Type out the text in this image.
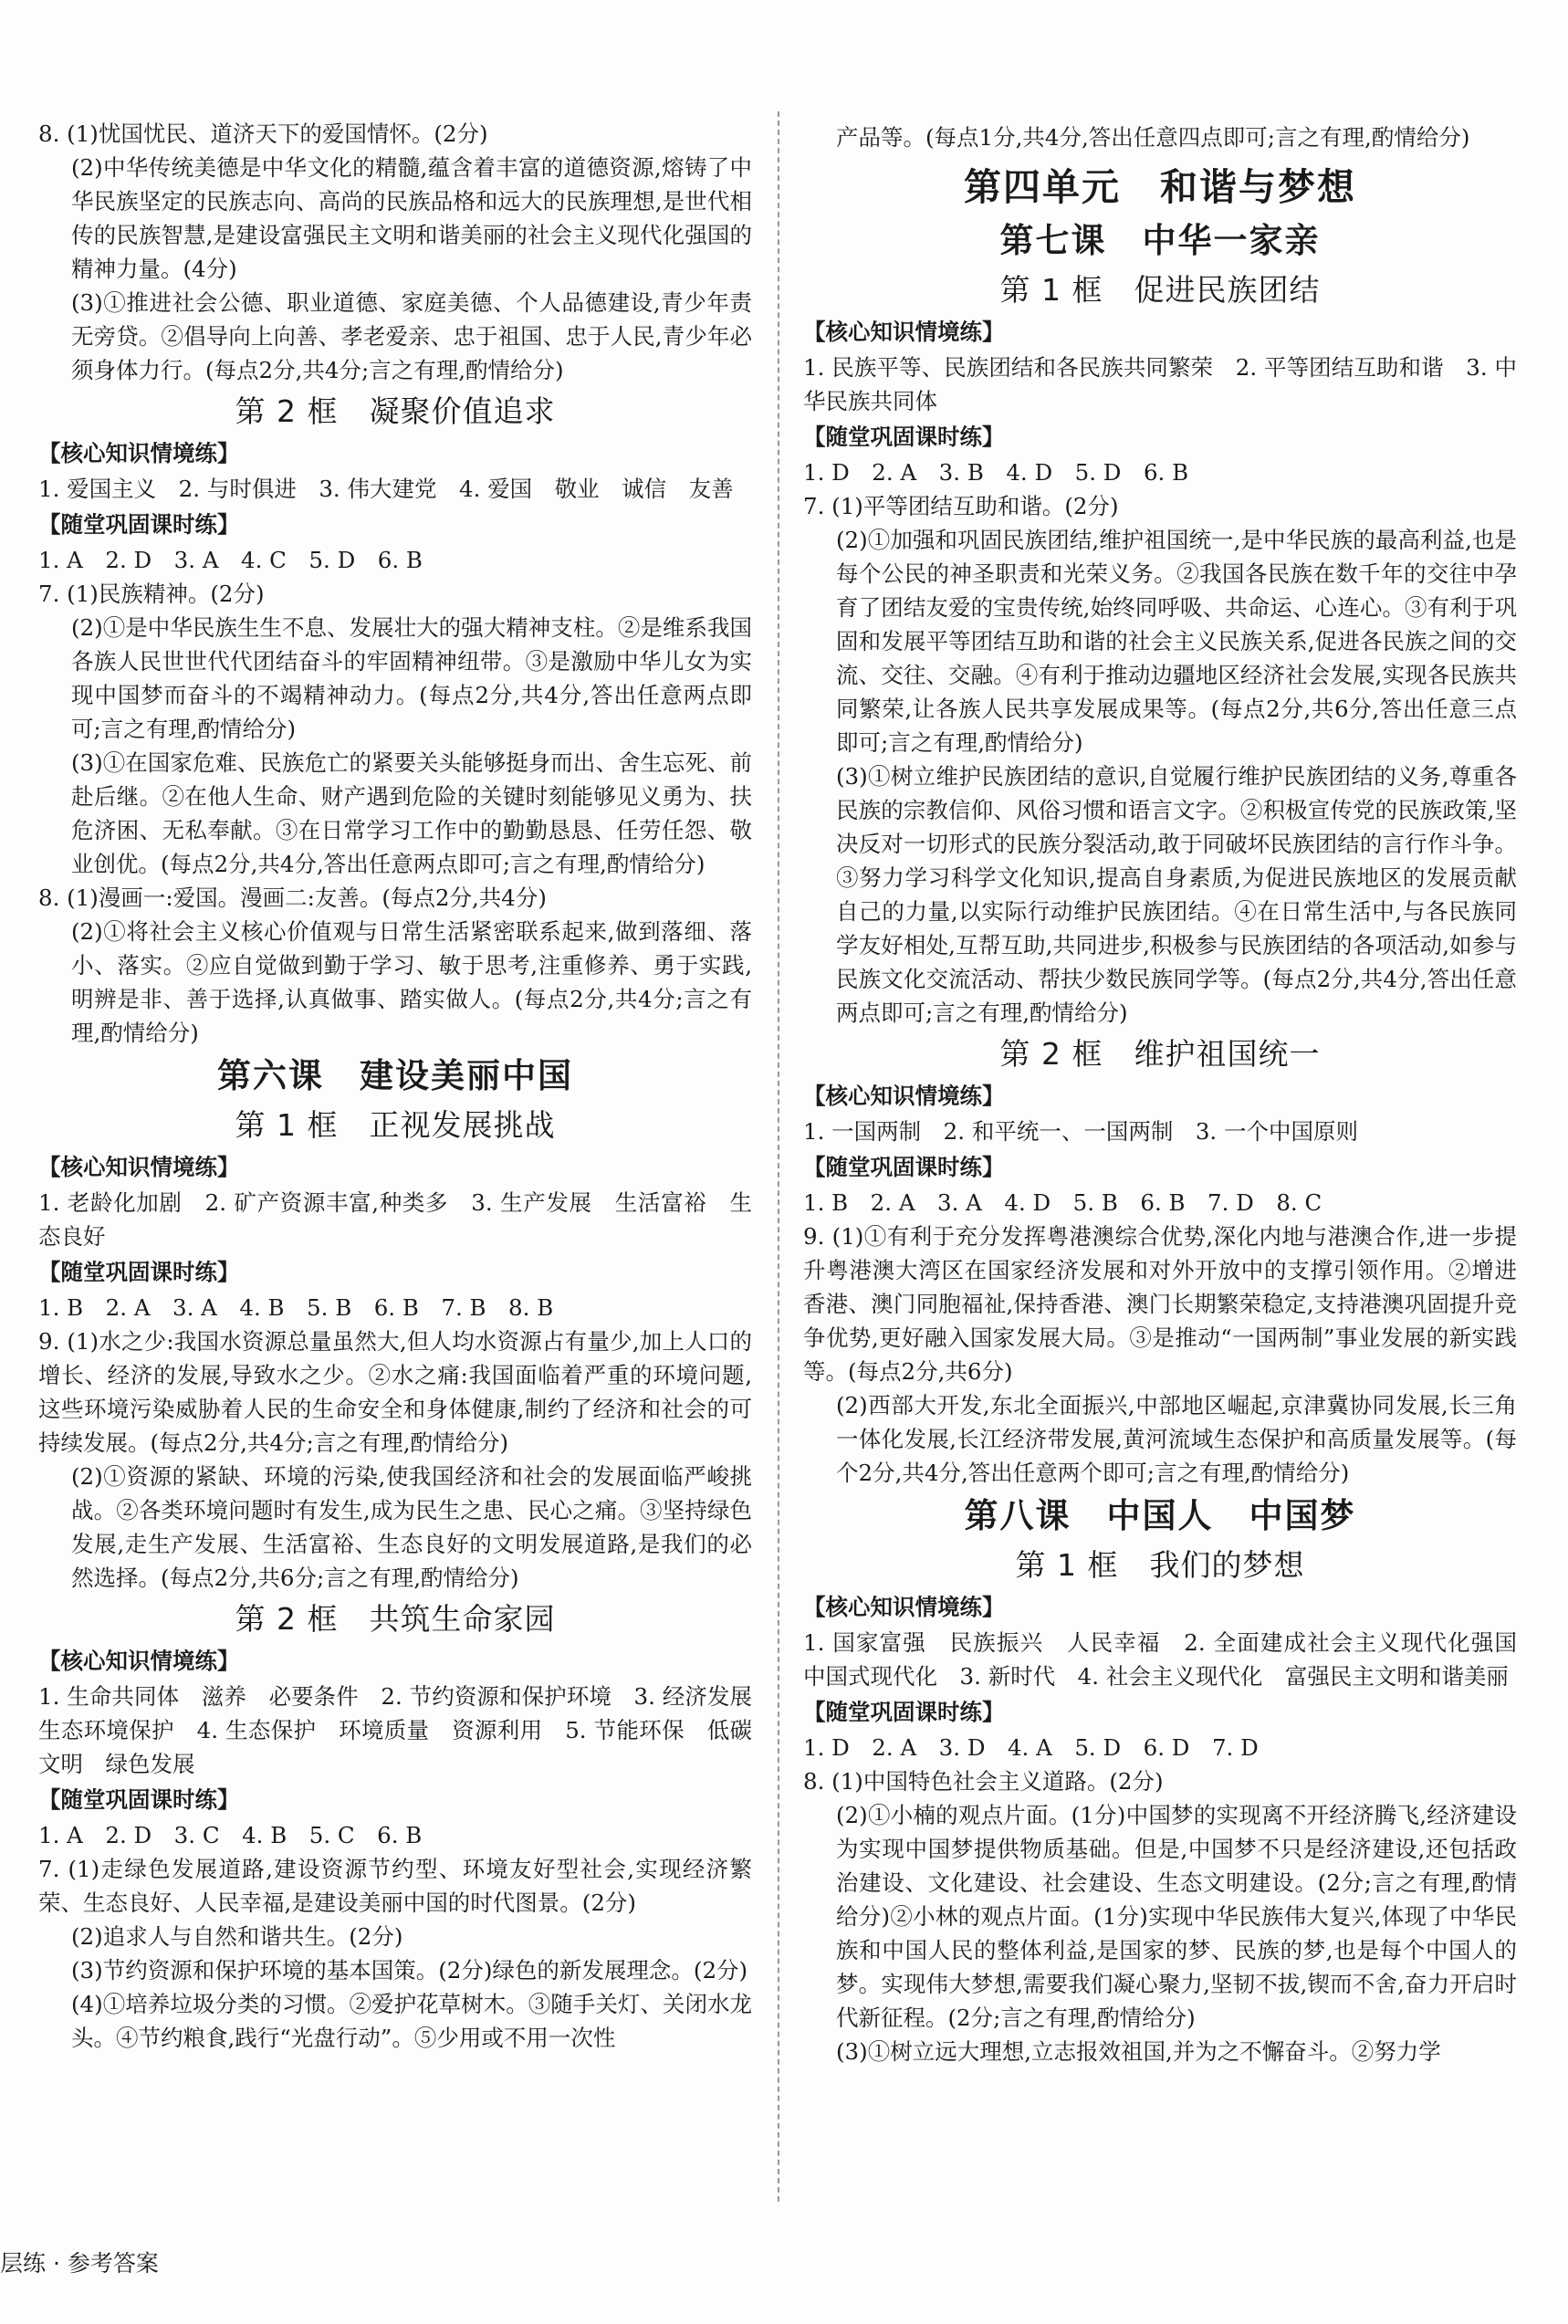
8. (1)忧国忧民、道济天下的爱国情怀。(2分)
(2)中华传统美德是中华文化的精髓,蕴含着丰富的道德资源,熔铸了中华民族坚定的民族志向、高尚的民族品格和远大的民族理想,是世代相传的民族智慧,是建设富强民主文明和谐美丽的社会主义现代化强国的精神力量。(4分)
(3)①推进社会公德、职业道德、家庭美德、个人品德建设,青少年责无旁贷。②倡导向上向善、孝老爱亲、忠于祖国、忠于人民,青少年必须身体力行。(每点2分,共4分;言之有理,酌情给分)
第 2 框　凝聚价值追求
【 核心知识情境练 】
1. 爱国主义　2. 与时俱进　3. 伟大建党　4. 爱国　敬业　诚信　友善
【 随堂巩固课时练 】
1. A　2. D　3. A　4. C　5. D　6. B
7. (1)民族精神。(2分)
(2)①是中华民族生生不息、发展壮大的强大精神支柱。②是维系我国各族人民世世代代团结奋斗的牢固精神纽带。③是激励中华儿女为实现中国梦而奋斗的不竭精神动力。(每点2分,共4分,答出任意两点即可;言之有理,酌情给分)
(3)①在国家危难、民族危亡的紧要关头能够挺身而出、舍生忘死、前赴后继。②在他人生命、财产遇到危险的关键时刻能够见义勇为、扶危济困、无私奉献。③在日常学习工作中的勤勤恳恳、任劳任怨、敬业创优。(每点2分,共4分,答出任意两点即可;言之有理,酌情给分)
8. (1)漫画一:爱国。漫画二:友善。(每点2分,共4分)
(2)①将社会主义核心价值观与日常生活紧密联系起来,做到落细、落小、落实。②应自觉做到勤于学习、敏于思考,注重修养、勇于实践,明辨是非、善于选择,认真做事、踏实做人。(每点2分,共4分;言之有理,酌情给分)
第六课　建设美丽中国
第 1 框　正视发展挑战
【 核心知识情境练 】
1. 老龄化加剧　2. 矿产资源丰富,种类多　3. 生产发展　生活富裕　生态良好
【 随堂巩固课时练 】
1. B　2. A　3. A　4. B　5. B　6. B　7. B　8. B
9. (1)水之少:我国水资源总量虽然大,但人均水资源占有量少,加上人口的增长、经济的发展,导致水之少。②水之痛:我国面临着严重的环境问题,这些环境污染威胁着人民的生命安全和身体健康,制约了经济和社会的可持续发展。(每点2分,共4分;言之有理,酌情给分)
(2)①资源的紧缺、环境的污染,使我国经济和社会的发展面临严峻挑战。②各类环境问题时有发生,成为民生之患、民心之痛。③坚持绿色发展,走生产发展、生活富裕、生态良好的文明发展道路,是我们的必然选择。(每点2分,共6分;言之有理,酌情给分)
第 2 框　共筑生命家园
【 核心知识情境练 】
1. 生命共同体　滋养　必要条件　2. 节约资源和保护环境　3. 经济发展　生态环境保护　4. 生态保护　环境质量　资源利用　5. 节能环保　低碳　文明　绿色发展
【 随堂巩固课时练 】
1. A　2. D　3. C　4. B　5. C　6. B
7. (1)走绿色发展道路,建设资源节约型、环境友好型社会,实现经济繁荣、生态良好、人民幸福,是建设美丽中国的时代图景。(2分)
(2)追求人与自然和谐共生。(2分)
(3)节约资源和保护环境的基本国策。(2分)绿色的新发展理念。(2分)
(4)①培养垃圾分类的习惯。②爱护花草树木。③随手关灯、关闭水龙头。④节约粮食,践行“光盘行动”。⑤少用或不用一次性
产品等。(每点1分,共4分,答出任意四点即可;言之有理,酌情给分)
第四单元　和谐与梦想
第七课　中华一家亲
第 1 框　促进民族团结
【 核心知识情境练 】
1. 民族平等、民族团结和各民族共同繁荣　2. 平等团结互助和谐　3. 中华民族共同体
【 随堂巩固课时练 】
1. D　2. A　3. B　4. D　5. D　6. B
7. (1)平等团结互助和谐。(2分)
(2)①加强和巩固民族团结,维护祖国统一,是中华民族的最高利益,也是每个公民的神圣职责和光荣义务。②我国各民族在数千年的交往中孕育了团结友爱的宝贵传统,始终同呼吸、共命运、心连心。③有利于巩固和发展平等团结互助和谐的社会主义民族关系,促进各民族之间的交流、交往、交融。④有利于推动边疆地区经济社会发展,实现各民族共同繁荣,让各族人民共享发展成果等。(每点2分,共6分,答出任意三点即可;言之有理,酌情给分)
(3)①树立维护民族团结的意识,自觉履行维护民族团结的义务,尊重各民族的宗教信仰、风俗习惯和语言文字。②积极宣传党的民族政策,坚决反对一切形式的民族分裂活动,敢于同破坏民族团结的言行作斗争。③努力学习科学文化知识,提高自身素质,为促进民族地区的发展贡献自己的力量,以实际行动维护民族团结。④在日常生活中,与各民族同学友好相处,互帮互助,共同进步,积极参与民族团结的各项活动,如参与民族文化交流活动、帮扶少数民族同学等。(每点2分,共4分,答出任意两点即可;言之有理,酌情给分)
第 2 框　维护祖国统一
【 核心知识情境练 】
1. 一国两制　2. 和平统一、一国两制　3. 一个中国原则
【 随堂巩固课时练 】
1. B　2. A　3. A　4. D　5. B　6. B　7. D　8. C
9. (1)①有利于充分发挥粤港澳综合优势,深化内地与港澳合作,进一步提升粤港澳大湾区在国家经济发展和对外开放中的支撑引领作用。②增进香港、澳门同胞福祉,保持香港、澳门长期繁荣稳定,支持港澳巩固提升竞争优势,更好融入国家发展大局。③是推动“一国两制”事业发展的新实践等。(每点2分,共6分)
(2)西部大开发,东北全面振兴,中部地区崛起,京津冀协同发展,长三角一体化发展,长江经济带发展,黄河流域生态保护和高质量发展等。(每个2分,共4分,答出任意两个即可;言之有理,酌情给分)
第八课　中国人　中国梦
第 1 框　我们的梦想
【 核心知识情境练 】
1. 国家富强　民族振兴　人民幸福　2. 全面建成社会主义现代化强国　中国式现代化　3. 新时代　4. 社会主义现代化　富强民主文明和谐美丽
【 随堂巩固课时练 】
1. D　2. A　3. D　4. A　5. D　6. D　7. D
8. (1)中国特色社会主义道路。(2分)
(2)①小楠的观点片面。(1分)中国梦的实现离不开经济腾飞,经济建设为实现中国梦提供物质基础。但是,中国梦不只是经济建设,还包括政治建设、文化建设、社会建设、生态文明建设。(2分;言之有理,酌情给分)②小林的观点片面。(1分)实现中华民族伟大复兴,体现了中华民族和中国人民的整体利益,是国家的梦、民族的梦,也是每个中国人的梦。实现伟大梦想,需要我们凝心聚力,坚韧不拔,锲而不舍,奋力开启时代新征程。(2分;言之有理,酌情给分)
(3)①树立远大理想,立志报效祖国,并为之不懈奋斗。②努力学
层练 · 参考答案
